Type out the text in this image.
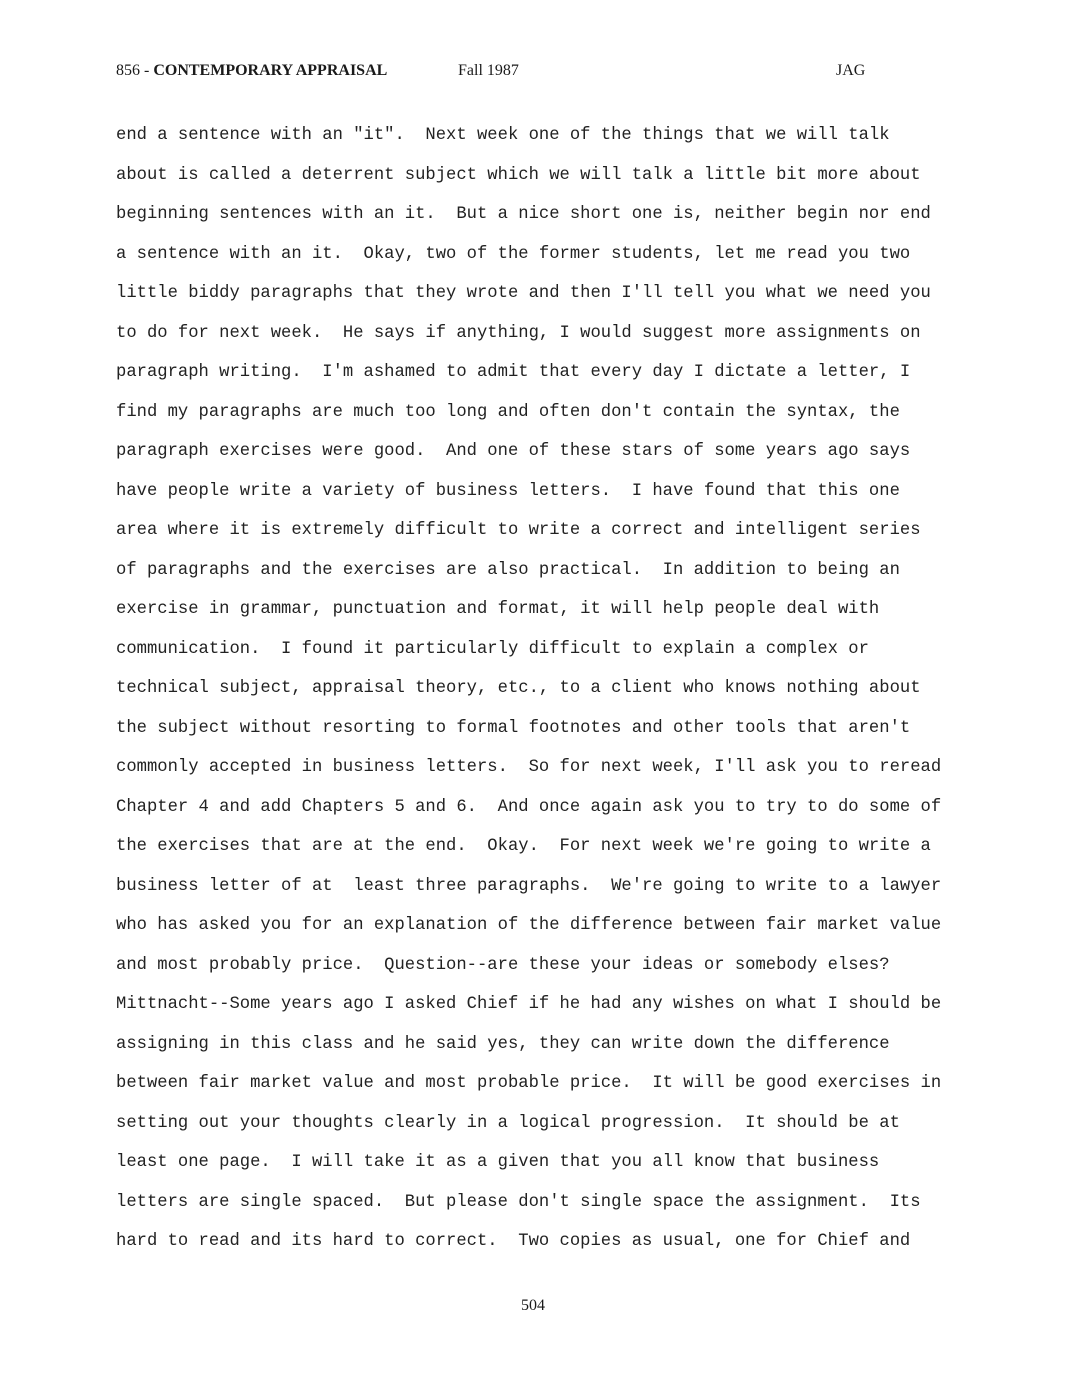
856 - CONTEMPORARY APPRAISAL	Fall 1987	JAG
end a sentence with an "it".  Next week one of the things that we will talk
about is called a deterrent subject which we will talk a little bit more about
beginning sentences with an it.  But a nice short one is, neither begin nor end
a sentence with an it.  Okay, two of the former students, let me read you two
little biddy paragraphs that they wrote and then I'll tell you what we need you
to do for next week.  He says if anything, I would suggest more assignments on
paragraph writing.  I'm ashamed to admit that every day I dictate a letter, I
find my paragraphs are much too long and often don't contain the syntax, the
paragraph exercises were good.  And one of these stars of some years ago says
have people write a variety of business letters.  I have found that this one
area where it is extremely difficult to write a correct and intelligent series
of paragraphs and the exercises are also practical.  In addition to being an
exercise in grammar, punctuation and format, it will help people deal with
communication.  I found it particularly difficult to explain a complex or
technical subject, appraisal theory, etc., to a client who knows nothing about
the subject without resorting to formal footnotes and other tools that aren't
commonly accepted in business letters.  So for next week, I'll ask you to reread
Chapter 4 and add Chapters 5 and 6.  And once again ask you to try to do some of
the exercises that are at the end.  Okay.  For next week we're going to write a
business letter of at  least three paragraphs.  We're going to write to a lawyer
who has asked you for an explanation of the difference between fair market value
and most probably price.  Question--are these your ideas or somebody elses?
Mittnacht--Some years ago I asked Chief if he had any wishes on what I should be
assigning in this class and he said yes, they can write down the difference
between fair market value and most probable price.  It will be good exercises in
setting out your thoughts clearly in a logical progression.  It should be at
least one page.  I will take it as a given that you all know that business
letters are single spaced.  But please don't single space the assignment.  Its
hard to read and its hard to correct.  Two copies as usual, one for Chief and
504
